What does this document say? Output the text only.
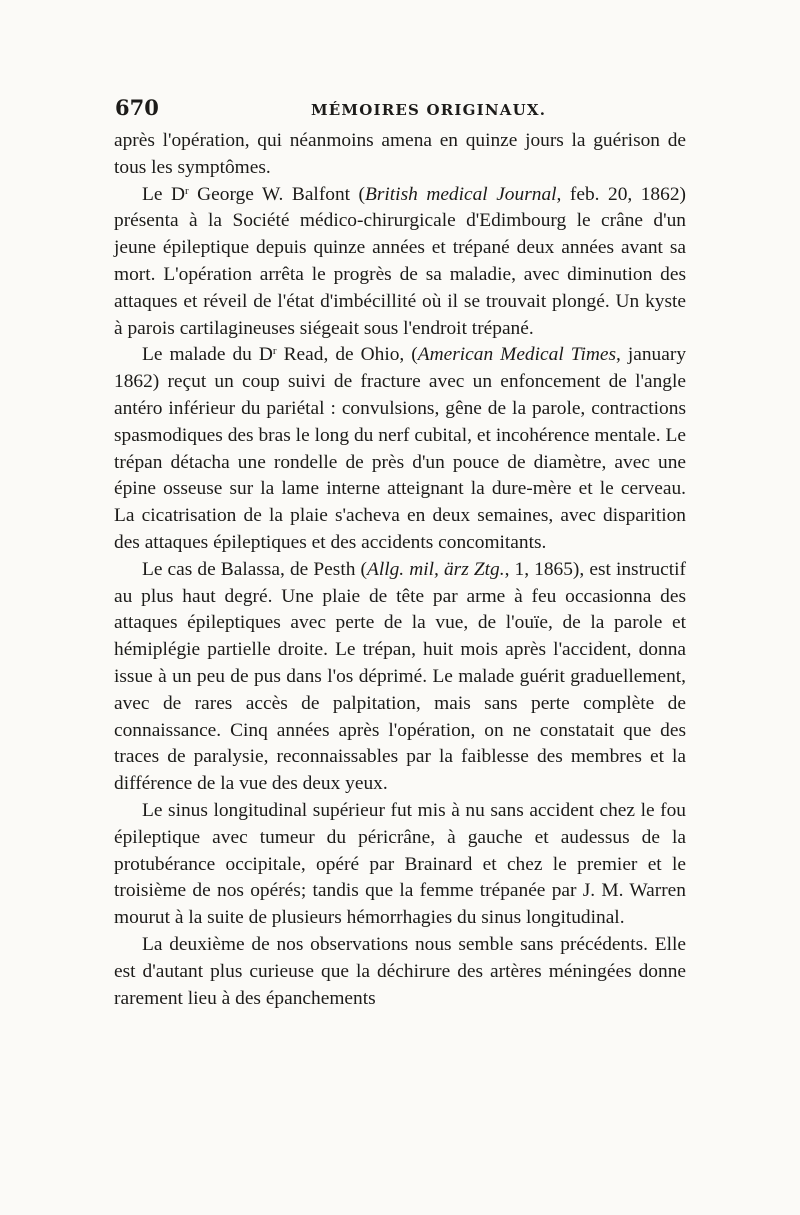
670	MÉMOIRES ORIGINAUX.

après l'opération, qui néanmoins amena en quinze jours la guérison de tous les symptômes.

Le $D^r$ George W. Balfont (British medical Journal, feb. 20, 1862) présenta à la Société médico-chirurgicale d'Edimbourg le crâne d'un jeune épileptique depuis quinze années et trépané deux années avant sa mort. L'opération arrêta le progrès de sa maladie, avec diminution des attaques et réveil de l'état d'imbécillité où il se trouvait plongé. Un kyste à parois cartilagineuses siégeait sous l'endroit trépané.

Le malade du $D^r$ Read, de Ohio, (American Medical Times, january 1862) reçut un coup suivi de fracture avec un enfoncement de l'angle antéro inférieur du pariétal : convulsions, gêne de la parole, contractions spasmodiques des bras le long du nerf cubital, et incohérence mentale. Le trépan détacha une rondelle de près d'un pouce de diamètre, avec une épine osseuse sur la lame interne atteignant la dure-mère et le cerveau. La cicatrisation de la plaie s'acheva en deux semaines, avec disparition des attaques épileptiques et des accidents concomitants.

Le cas de Balassa, de Pesth (Allg. mil, ärz Ztg., 1, 1865), est instructif au plus haut degré. Une plaie de tête par arme à feu occasionna des attaques épileptiques avec perte de la vue, de l'ouïe, de la parole et hémiplégie partielle droite. Le trépan, huit mois après l'accident, donna issue à un peu de pus dans l'os déprimé. Le malade guérit graduellement, avec de rares accès de palpitation, mais sans perte complète de connaissance. Cinq années après l'opération, on ne constatait que des traces de paralysie, reconnaissables par la faiblesse des membres et la différence de la vue des deux yeux.

Le sinus longitudinal supérieur fut mis à nu sans accident chez le fou épileptique avec tumeur du péricrâne, à gauche et audessus de la protubérance occipitale, opéré par Brainard et chez le premier et le troisième de nos opérés; tandis que la femme trépanée par J. M. Warren mourut à la suite de plusieurs hémorrhagies du sinus longitudinal.

La deuxième de nos observations nous semble sans précédents. Elle est d'autant plus curieuse que la déchirure des artères méningées donne rarement lieu à des épanchements
